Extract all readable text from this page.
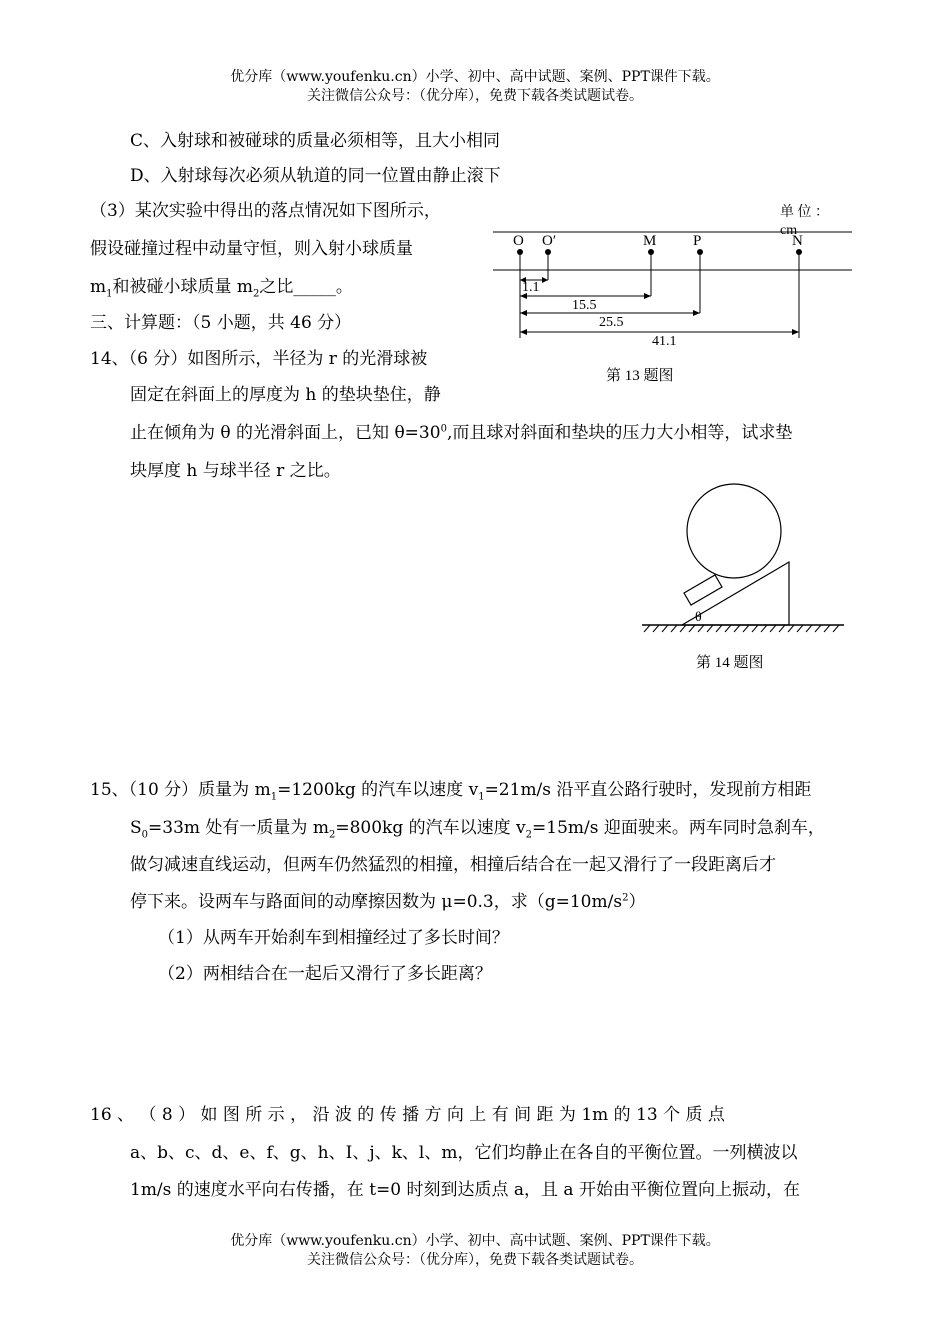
优分库（www.youfenku.cn）小学、初中、高中试题、案例、PPT课件下载。
关注微信公众号：（优分库），免费下载各类试题试卷。
C、入射球和被碰球的质量必须相等，且大小相同
D、入射球每次必须从轨道的同一位置由静止滚下
（3）某次实验中得出的落点情况如下图所示，
假设碰撞过程中动量守恒，则入射小球质量
$m_1$和被碰小球质量 $m_2$之比_____。
单 位 ：
cm
O O′	M P	N
1.1
15.5
25.5
41.1
第 13 题图
三、计算题：（5 小题，共 46 分）
14、（6 分）如图所示，半径为 r 的光滑球被
固定在斜面上的厚度为 h 的垫块垫住，静
止在倾角为 θ 的光滑斜面上，已知 $\theta=30^0$,而且球对斜面和垫块的压力大小相等，试求垫
块厚度 h 与球半径 r 之比。
θ
第 14 题图
15、（10 分）质量为 $m_1=1200kg$ 的汽车以速度 $v_1=21m/s$ 沿平直公路行驶时，发现前方相距
$S_0=33m$ 处有一质量为 $m_2=800kg$ 的汽车以速度 $v_2=15m/s$ 迎面驶来。两车同时急刹车，
做匀减速直线运动，但两车仍然猛烈的相撞，相撞后结合在一起又滑行了一段距离后才
停下来。设两车与路面间的动摩擦因数为 μ=0.3，求$(g=10m/s^2)$
（1）从两车开始刹车到相撞经过了多长时间？
（2）两相结合在一起后又滑行了多长距离？
16 、 （ 8 ） 如 图 所 示 ， 沿 波 的 传 播 方 向 上 有 间 距 为 1m 的 13 个 质 点
a、b、c、d、e、f、g、h、I、j、k、l、m，它们均静止在各自的平衡位置。一列横波以
1m/s 的速度水平向右传播，在 t=0 时刻到达质点 a，且 a 开始由平衡位置向上振动，在
优分库（www.youfenku.cn）小学、初中、高中试题、案例、PPT课件下载。
关注微信公众号：（优分库），免费下载各类试题试卷。
